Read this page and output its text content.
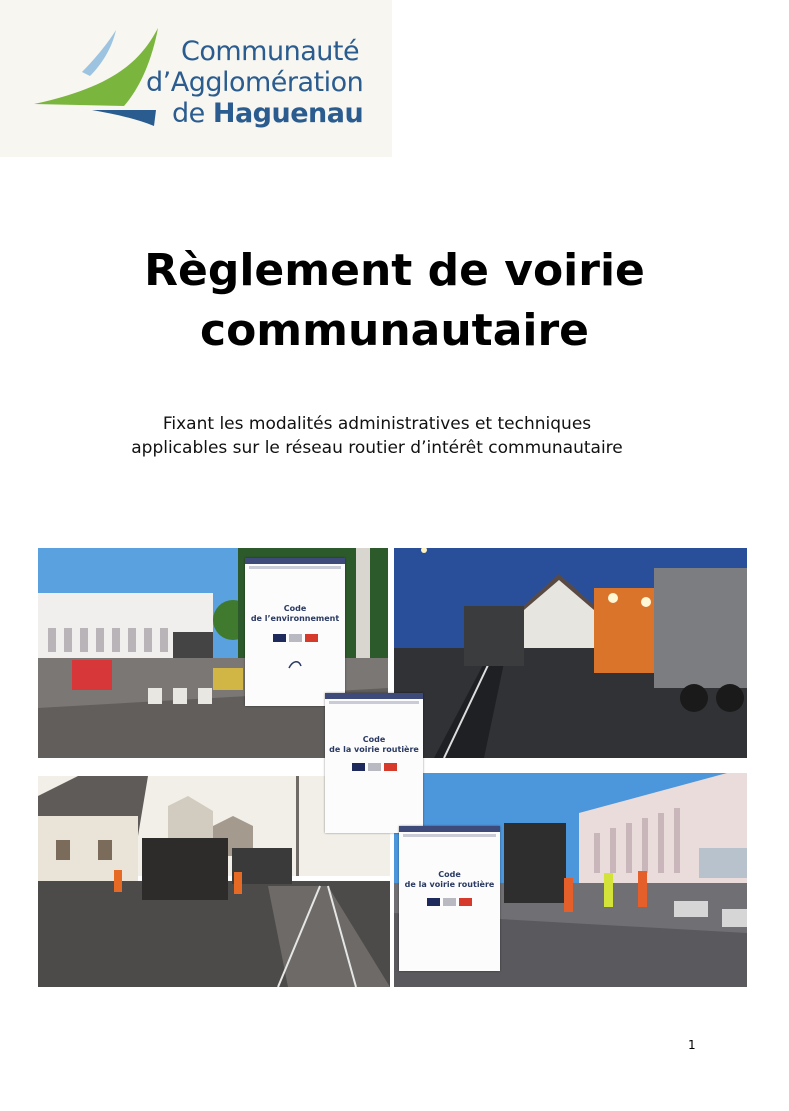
Communauté
d’Agglomération
de Haguenau
Règlement de voirie
communautaire
Fixant les modalités administratives et techniques
applicables sur le réseau routier d’intérêt communautaire
Code
de l’environnement

Code
de la voirie routière
Code
de la voirie routière
1
